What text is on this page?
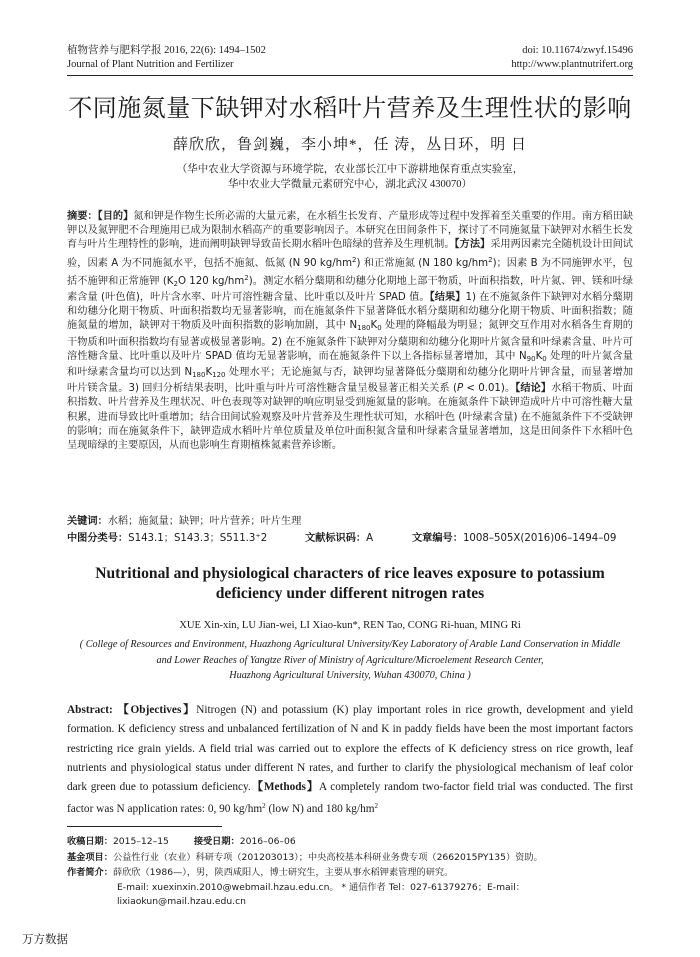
植物营养与肥料学报 2016, 22(6): 1494–1502
Journal of Plant Nutrition and Fertilizer
doi: 10.11674/zwyf.15496
http://www.plantnutrifert.org
不同施氮量下缺钾对水稻叶片营养及生理性状的影响
薛欣欣，鲁剑巍，李小坤*，任 涛，丛日环，明 日
（华中农业大学资源与环境学院，农业部长江中下游耕地保育重点实验室，
华中农业大学微量元素研究中心，湖北武汉 430070）
摘要：【目的】氮和钾是作物生长所必需的大量元素，在水稻生长发育、产量形成等过程中发挥着至关重要的作用。南方稻田缺钾以及氮钾肥不合理施用已成为限制水稻高产的重要影响因子。本研究在田间条件下，探讨了不同施氮量下缺钾对水稻生长发育与叶片生理特性的影响，进而阐明缺钾导致苗长期水稻叶色暗绿的营养及生理机制。【方法】采用两因素完全随机设计田间试验，因素 A 为不同施氮水平，包括不施氮、低氮 (N 90 $kg/hm^2$) 和正常施氮 (N 180 $kg/hm^2$)；因素 B 为不同施钾水平，包括不施钾和正常施钾 ($K_2O$ 120 $kg/hm^2$)。测定水稻分蘖期和幼穗分化期地上部干物质，叶面积指数，叶片氮、钾、镁和叶绿素含量 (叶色值)，叶片含水率、叶片可溶性糖含量、比叶重以及叶片 SPAD 值。【结果】1) 在不施氮条件下缺钾对水稻分蘖期和幼穗分化期干物质、叶面积指数均无显著影响，而在施氮条件下显著降低水稻分蘖期和幼穗分化期干物质、叶面积指数；随施氮量的增加，缺钾对干物质及叶面积指数的影响加剧，其中 $N_{180}K_0$ 处理的降幅最为明显；氮钾交互作用对水稻各生育期的干物质和叶面积指数均有显著或极显著影响。2) 在不施氮条件下缺钾对分蘖期和幼穗分化期叶片氮含量和叶绿素含量、叶片可溶性糖含量、比叶重以及叶片 SPAD 值均无显著影响，而在施氮条件下以上各指标显著增加，其中 $N_{90}K_0$ 处理的叶片氮含量和叶绿素含量均可以达到 $N_{180}K_{120}$ 处理水平；无论施氮与否，缺钾均显著降低分蘖期和幼穗分化期叶片钾含量，而显著增加叶片镁含量。3) 回归分析结果表明，比叶重与叶片可溶性糖含量呈极显著正相关关系 (P < 0.01)。【结论】水稻干物质、叶面积指数、叶片营养及生理状况、叶色表现等对缺钾的响应明显受到施氮量的影响。在施氮条件下缺钾造成叶片中可溶性糖大量积累，进而导致比叶重增加；结合田间试验观察及叶片营养及生理性状可知，水稻叶色 (叶绿素含量) 在不施氮条件下不受缺钾的影响；而在施氮条件下，缺钾造成水稻叶片单位质量及单位叶面积氮含量和叶绿素含量显著增加，这是田间条件下水稻叶色呈现暗绿的主要原因，从而也影响生育期植株氮素营养诊断。
关键词：水稻；施氮量；缺钾；叶片营养；叶片生理
中图分类号：S143.1；S143.3；S511.3⁺2	文献标识码：A	文章编号：1008–505X(2016)06–1494–09
Nutritional and physiological characters of rice leaves exposure to potassium
deficiency under different nitrogen rates
XUE Xin-xin, LU Jian-wei, LI Xiao-kun*, REN Tao, CONG Ri-huan, MING Ri
( College of Resources and Environment, Huazhong Agricultural University/Key Laboratory of Arable Land Conservation in Middle
and Lower Reaches of Yangtze River of Ministry of Agriculture/Microelement Research Center,
Huazhong Agricultural University, Wuhan 430070, China )
Abstract: 【Objectives】Nitrogen (N) and potassium (K) play important roles in rice growth, development and yield formation. K deficiency stress and unbalanced fertilization of N and K in paddy fields have been the most important factors restricting rice grain yields. A field trial was carried out to explore the effects of K deficiency stress on rice growth, leaf nutrients and physiological status under different N rates, and further to clarify the physiological mechanism of leaf color dark green due to potassium deficiency.【Methods】A completely random two-factor field trial was conducted. The first factor was N application rates: 0, 90 $kg/hm^2$ (low N) and 180 $kg/hm^2$
收稿日期：2015–12–15	接受日期：2016–06–06
基金项目：公益性行业（农业）科研专项（201203013）；中央高校基本科研业务费专项（2662015PY135）资助。
作者简介：薛欣欣（1986—），男，陕西咸阳人，博士研究生，主要从事水稻钾素管理的研究。
E-mail: xuexinxin.2010@webmail.hzau.edu.cn。 * 通信作者 Tel：027-61379276；E-mail：lixiaokun@mail.hzau.edu.cn
万方数据
